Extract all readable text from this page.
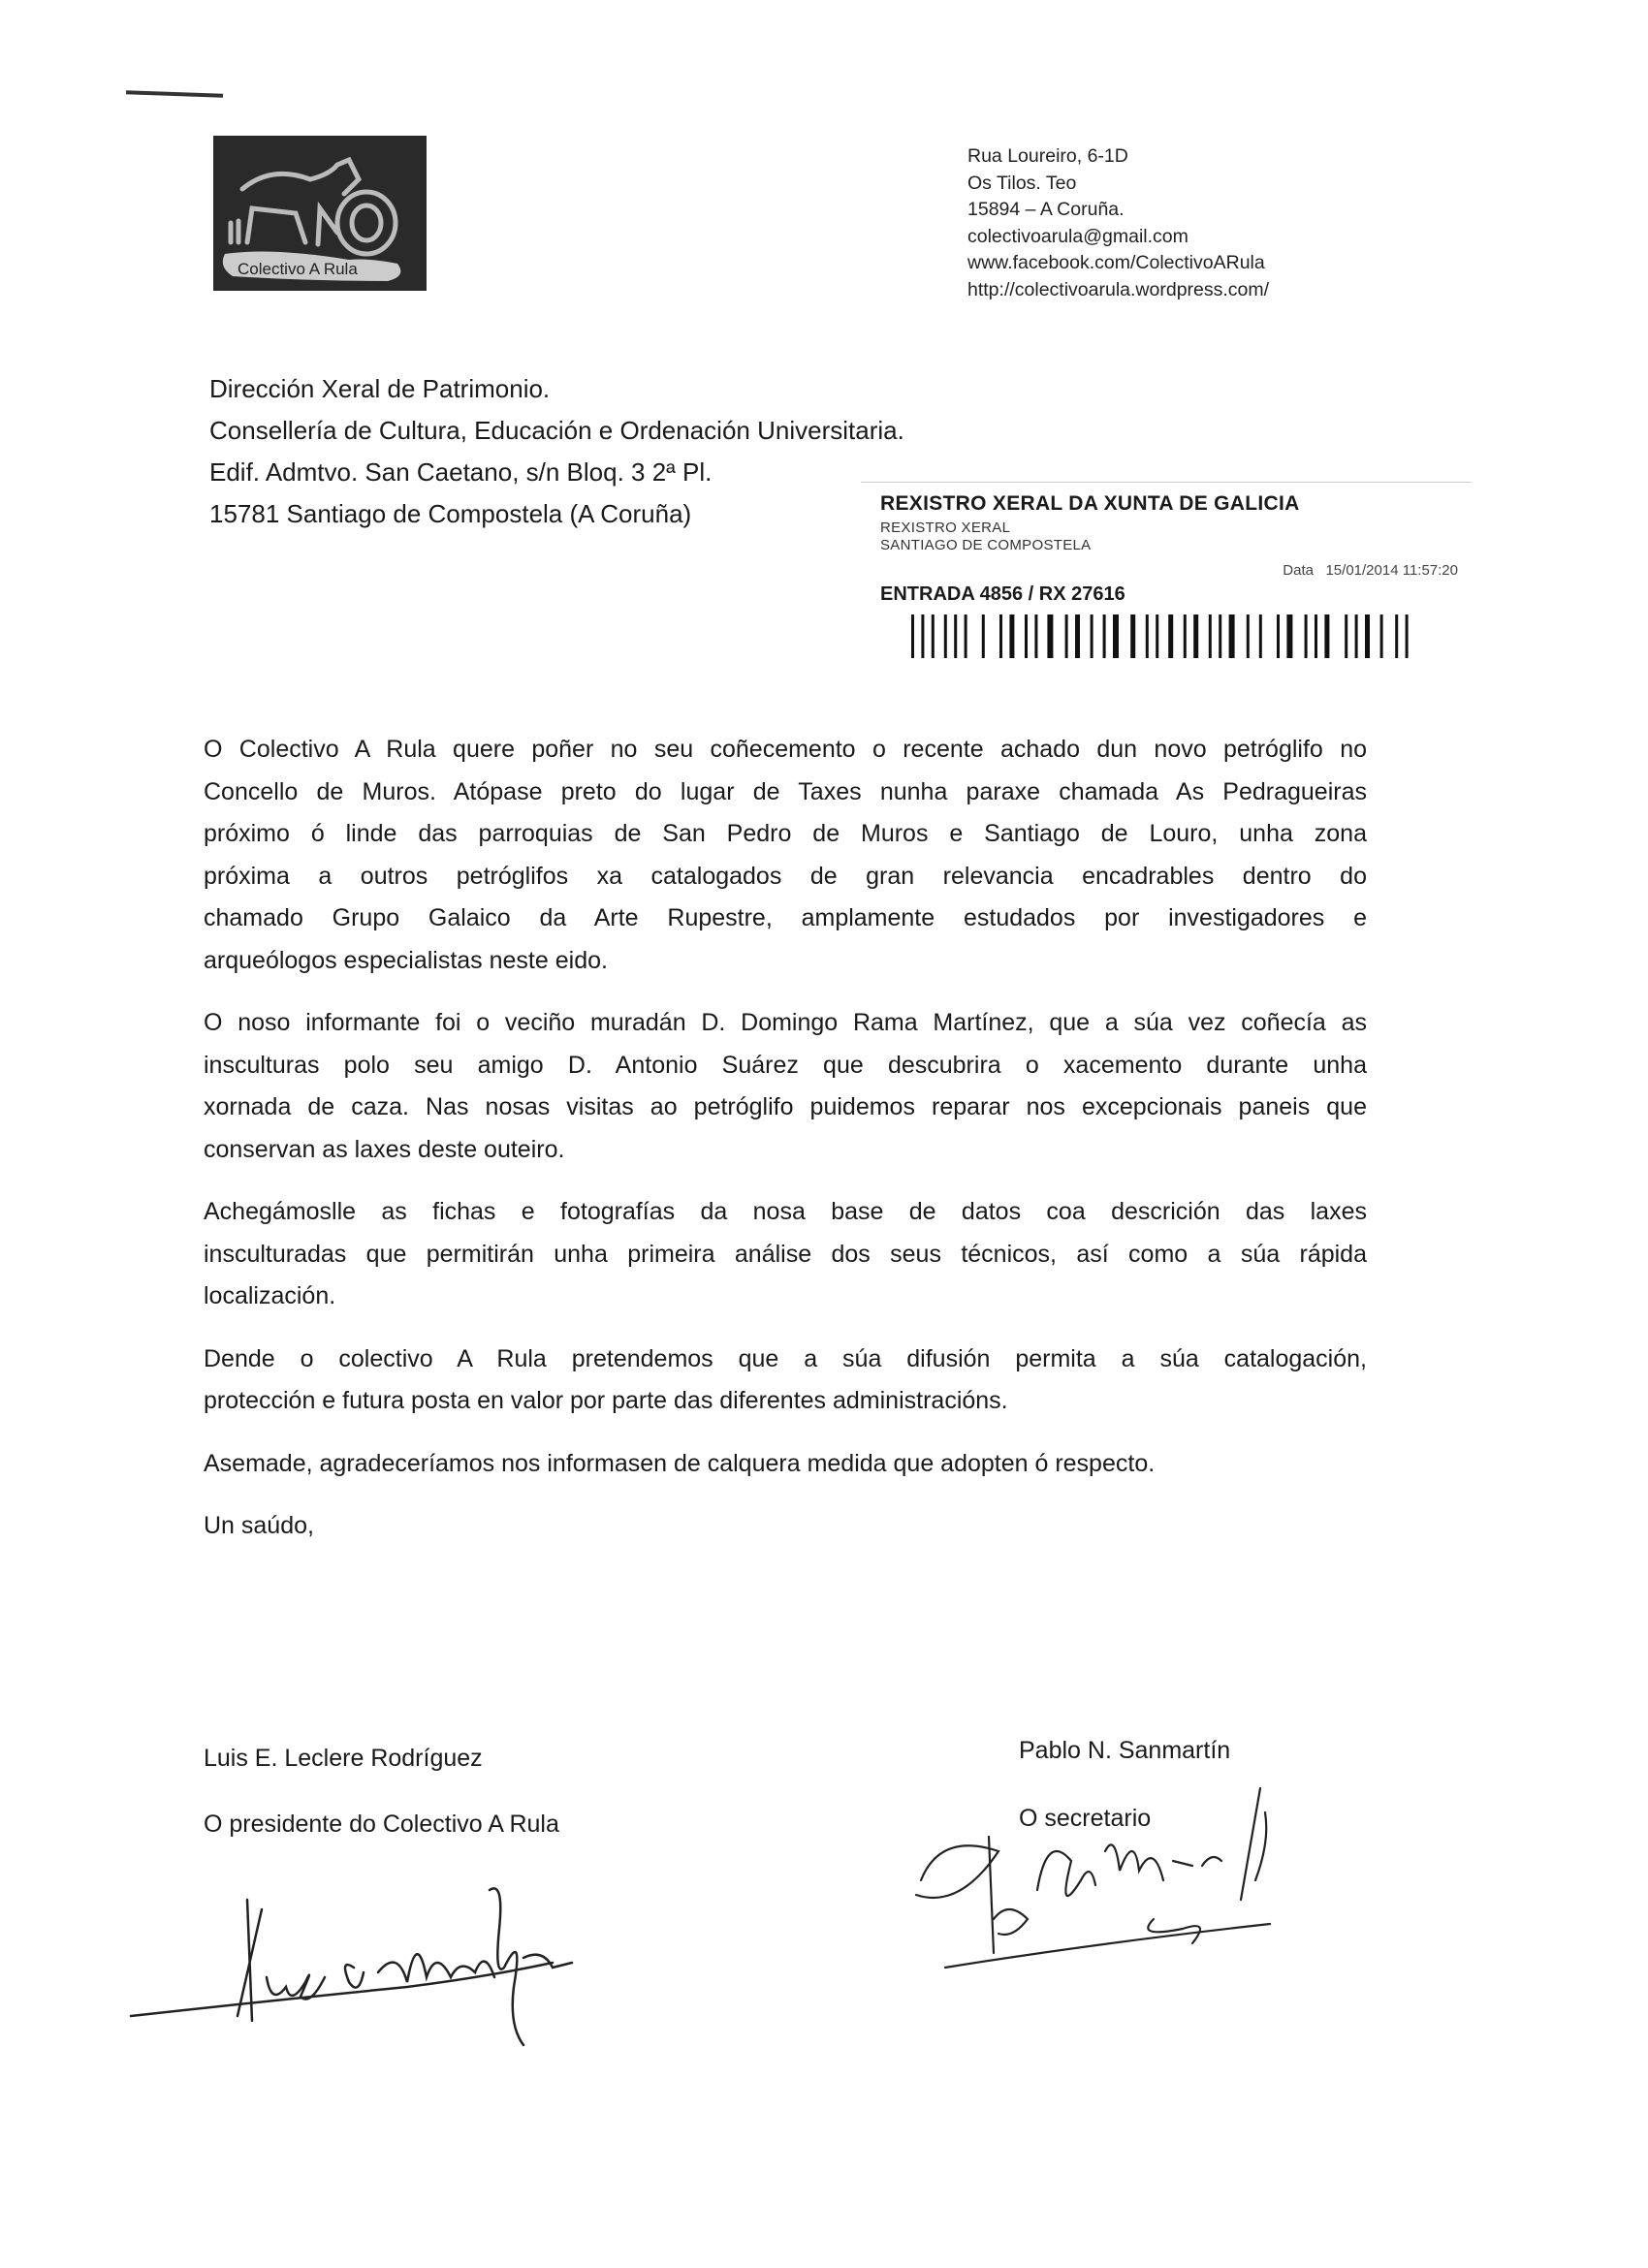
Colectivo A Rula
Rua Loureiro, 6-1D
Os Tilos. Teo
15894 – A Coruña.
colectivoarula@gmail.com
www.facebook.com/ColectivoARula
http://colectivoarula.wordpress.com/
Dirección Xeral de Patrimonio.
Consellería de Cultura, Educación e Ordenación Universitaria.
Edif. Admtvo. San Caetano, s/n Bloq. 3 2ª Pl.
15781 Santiago de Compostela (A Coruña)	REXISTRO XERAL DA XUNTA DE GALICIA
REXISTRO XERAL
SANTIAGO DE COMPOSTELA
Data 15/01/2014 11:57:20
ENTRADA 4856 / RX 27616
O Colectivo A Rula quere poñer no seu coñecemento o recente achado dun novo petróglifo no
Concello de Muros. Atópase preto do lugar de Taxes nunha paraxe chamada As Pedragueiras
próximo ó linde das parroquias de San Pedro de Muros e Santiago de Louro, unha zona
próxima a outros petróglifos xa catalogados de gran relevancia encadrables dentro do
chamado Grupo Galaico da Arte Rupestre, amplamente estudados por investigadores e
arqueólogos especialistas neste eido.
O noso informante foi o veciño muradán D. Domingo Rama Martínez, que a súa vez coñecía as
insculturas polo seu amigo D. Antonio Suárez que descubrira o xacemento durante unha
xornada de caza. Nas nosas visitas ao petróglifo puidemos reparar nos excepcionais paneis que
conservan as laxes deste outeiro.
Achegámoslle as fichas e fotografías da nosa base de datos coa descrición das laxes
insculturadas que permitirán unha primeira análise dos seus técnicos, así como a súa rápida
localización.
Dende o colectivo A Rula pretendemos que a súa difusión permita a súa catalogación,
protección e futura posta en valor por parte das diferentes administracións.
Asemade, agradeceríamos nos informasen de calquera medida que adopten ó respecto.
Un saúdo,
Luis E. Leclere Rodríguez
O presidente do Colectivo A Rula
Pablo N. Sanmartín
O secretario
